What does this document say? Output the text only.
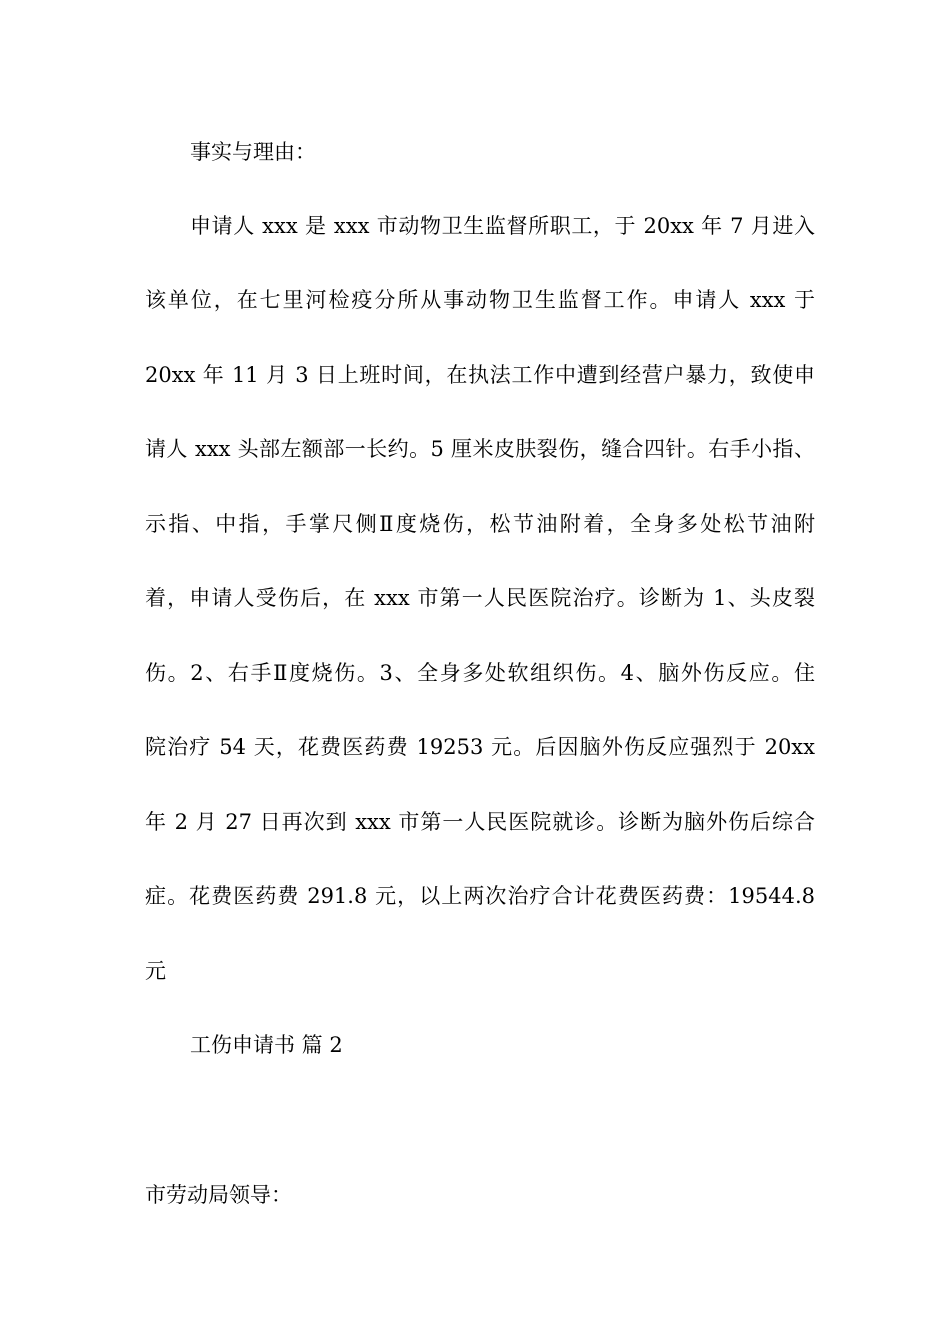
事实与理由：
申请人 xxx 是 xxx 市动物卫生监督所职工，于 20xx 年 7 月进入
该单位，在七里河检疫分所从事动物卫生监督工作。申请人 xxx 于
20xx 年 11 月 3 日上班时间，在执法工作中遭到经营户暴力，致使申
请人 xxx 头部左额部一长约。5 厘米皮肤裂伤，缝合四针。右手小指、
示指、中指，手掌尺侧Ⅱ度烧伤，松节油附着，全身多处松节油附
着，申请人受伤后，在 xxx 市第一人民医院治疗。诊断为 1、头皮裂
伤。2、右手Ⅱ度烧伤。3、全身多处软组织伤。4、脑外伤反应。住
院治疗 54 天，花费医药费 19253 元。后因脑外伤反应强烈于 20xx
年 2 月 27 日再次到 xxx 市第一人民医院就诊。诊断为脑外伤后综合
症。花费医药费 291.8 元，以上两次治疗合计花费医药费：19544.8
元
工伤申请书 篇 2
市劳动局领导：
